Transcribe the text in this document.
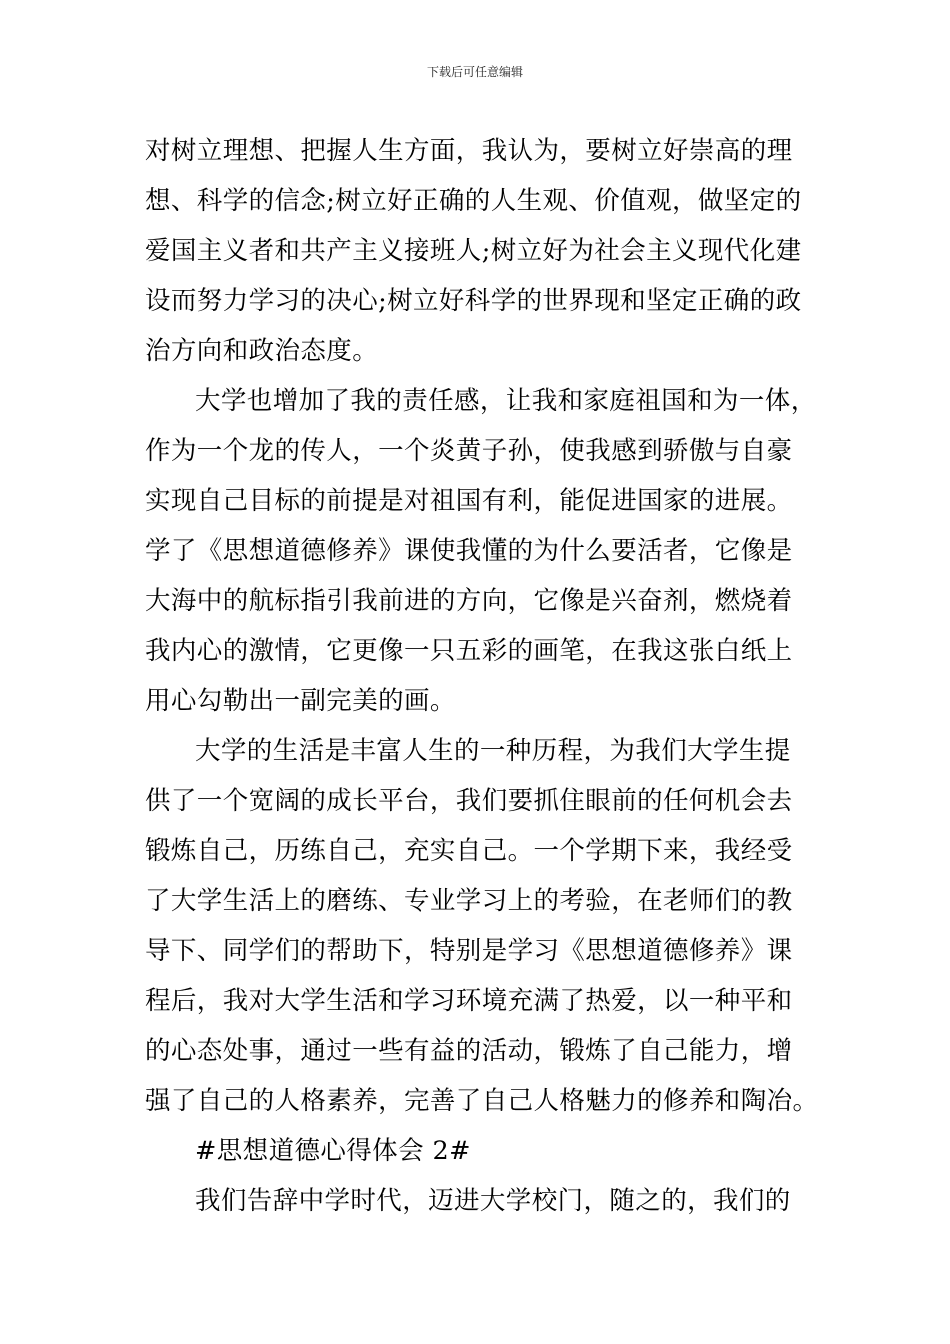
下载后可任意编辑
对树立理想、把握人生方面，我认为，要树立好崇高的理
想、科学的信念;树立好正确的人生观、价值观，做坚定的
爱国主义者和共产主义接班人;树立好为社会主义现代化建
设而努力学习的决心;树立好科学的世界现和坚定正确的政
治方向和政治态度。
大学也增加了我的责任感，让我和家庭祖国和为一体，
作为一个龙的传人，一个炎黄子孙，使我感到骄傲与自豪
实现自己目标的前提是对祖国有利，能促进国家的进展。
学了《思想道德修养》课使我懂的为什么要活者，它像是
大海中的航标指引我前进的方向，它像是兴奋剂，燃烧着
我内心的激情，它更像一只五彩的画笔，在我这张白纸上
用心勾勒出一副完美的画。
大学的生活是丰富人生的一种历程，为我们大学生提
供了一个宽阔的成长平台，我们要抓住眼前的任何机会去
锻炼自己，历练自己，充实自己。一个学期下来，我经受
了大学生活上的磨练、专业学习上的考验，在老师们的教
导下、同学们的帮助下，特别是学习《思想道德修养》课
程后，我对大学生活和学习环境充满了热爱，以一种平和
的心态处事，通过一些有益的活动，锻炼了自己能力，增
强了自己的人格素养，完善了自己人格魅力的修养和陶冶。
#思想道德心得体会 2#
我们告辞中学时代，迈进大学校门，随之的，我们的
